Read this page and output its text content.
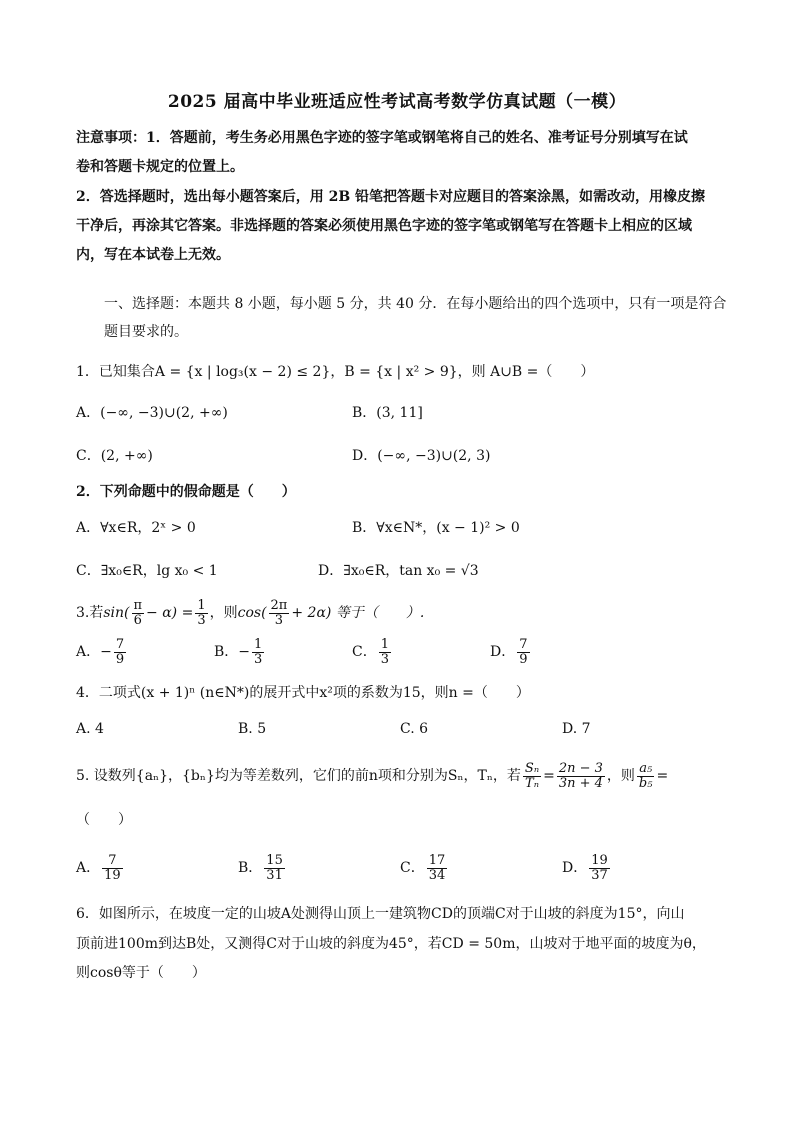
2025 届高中毕业班适应性考试高考数学仿真试题（一模）
注意事项：1．答题前，考生务必用黑色字迹的签字笔或钢笔将自己的姓名、准考证号分别填写在试
卷和答题卡规定的位置上。
2．答选择题时，选出每小题答案后，用 2B 铅笔把答题卡对应题目的答案涂黑，如需改动，用橡皮擦
干净后，再涂其它答案。非选择题的答案必须使用黑色字迹的签字笔或钢笔写在答题卡上相应的区域
内，写在本试卷上无效。
一、选择题：本题共 8 小题，每小题 5 分，共 40 分．在每小题给出的四个选项中，只有一项是符合
题目要求的。
1．已知集合A = {x | log₃(x − 2) ≤ 2}，B = {x | x² > 9}，则 A∪B =（　　）
A．(−∞, −3)∪(2, +∞)	B．(3, 11]
C．(2, +∞)	D．(−∞, −3)∪(2, 3)
2．下列命题中的假命题是（　　）
A．∀x∈R，2ˣ > 0	B．∀x∈N*，(x − 1)² > 0
C．∃x₀∈R，lg x₀ < 1	D．∃x₀∈R，tan x₀ = √3
3.若$\sin( \frac{\pi}{6} - \alpha) = \frac{1}{3}$ ，则$\cos( \frac{2\pi}{3} + 2\alpha)$ 等于（　　）.
A．− $\frac{7}{9}$	B．− $\frac{1}{3}$	C． $\frac{1}{3}$	D． $\frac{7}{9}$
4．二项式(x + 1)ⁿ (n∈N*)的展开式中x²项的系数为15，则n =（　　）
A. 4	B. 5	C. 6	D. 7
5. 设数列{aₙ}，{bₙ}均为等差数列，它们的前n项和分别为Sₙ，Tₙ，若 $\frac{\text{Sₙ}}{\text{Tₙ}} = \frac{2n - 3}{3n + 4}$ ，则 $\frac{\text{a₅}}{\text{b₅}}$ =
（　　）
A． $\frac{7}{19}$	B． $\frac{15}{31}$	C． $\frac{17}{34}$	D． $\frac{19}{37}$
6．如图所示，在坡度一定的山坡A处测得山顶上一建筑物CD的顶端C对于山坡的斜度为15°，向山
顶前进100m到达B处，又测得C对于山坡的斜度为45°，若CD = 50m，山坡对于地平面的坡度为θ，
则cosθ等于（　　）
